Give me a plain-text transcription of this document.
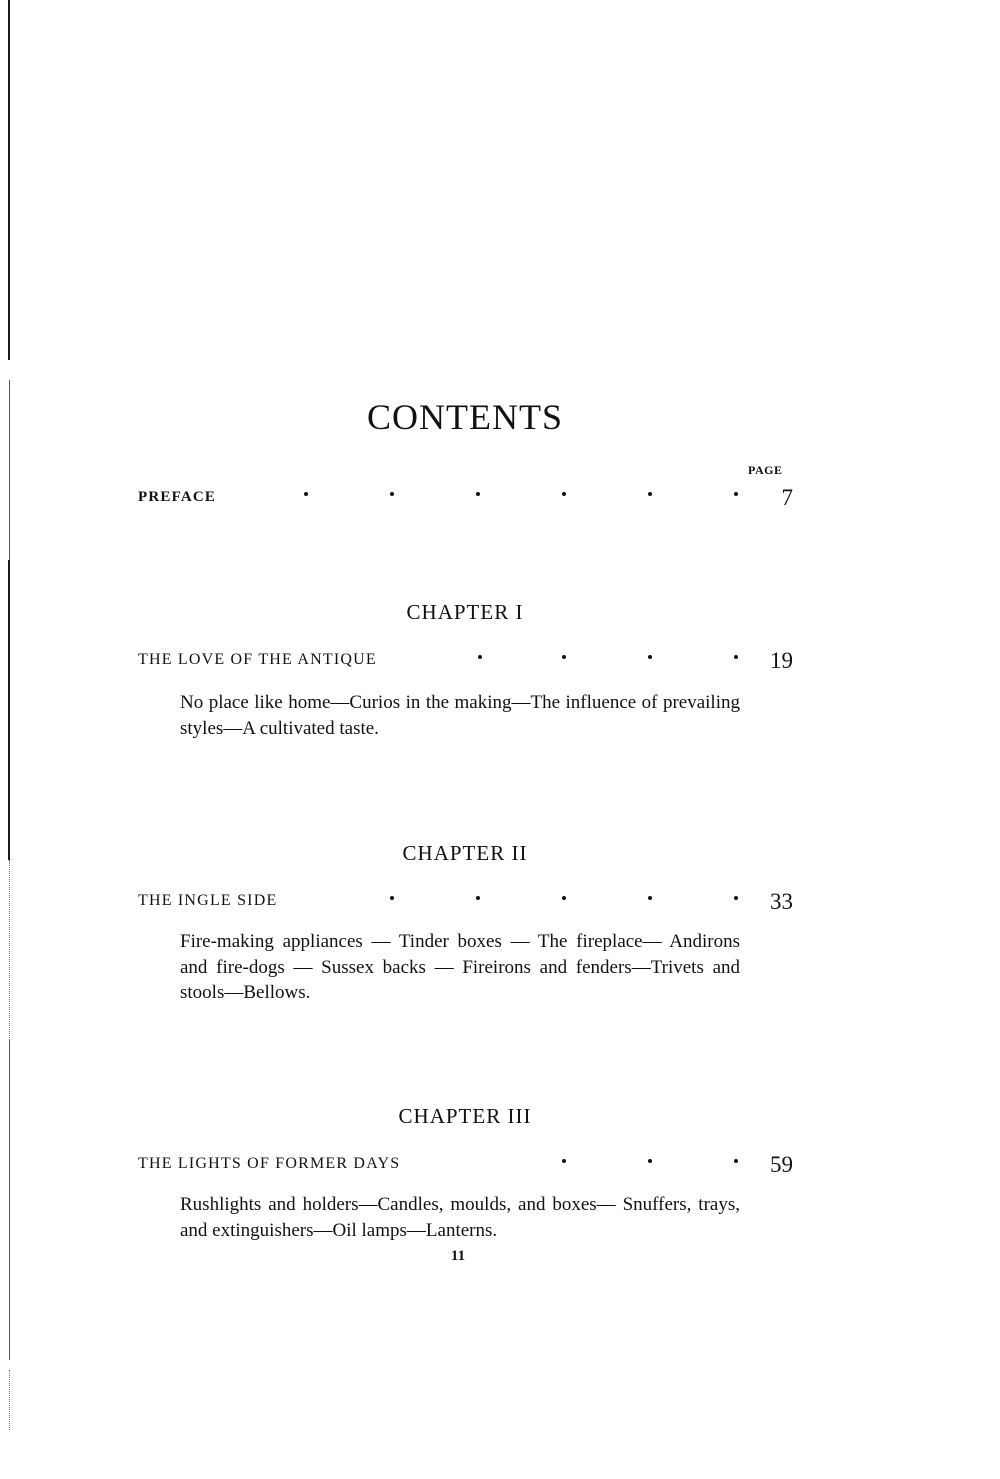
CONTENTS
PAGE
PREFACE	7
CHAPTER I
THE LOVE OF THE ANTIQUE	19
No place like home—Curios in the making—The influence of prevailing styles—A cultivated taste.
CHAPTER II
THE INGLE SIDE	33
Fire-making appliances — Tinder boxes — The fireplace— Andirons and fire-dogs — Sussex backs — Fireirons and fenders—Trivets and stools—Bellows.
CHAPTER III
THE LIGHTS OF FORMER DAYS	59
Rushlights and holders—Candles, moulds, and boxes— Snuffers, trays, and extinguishers—Oil lamps—Lanterns.
11
